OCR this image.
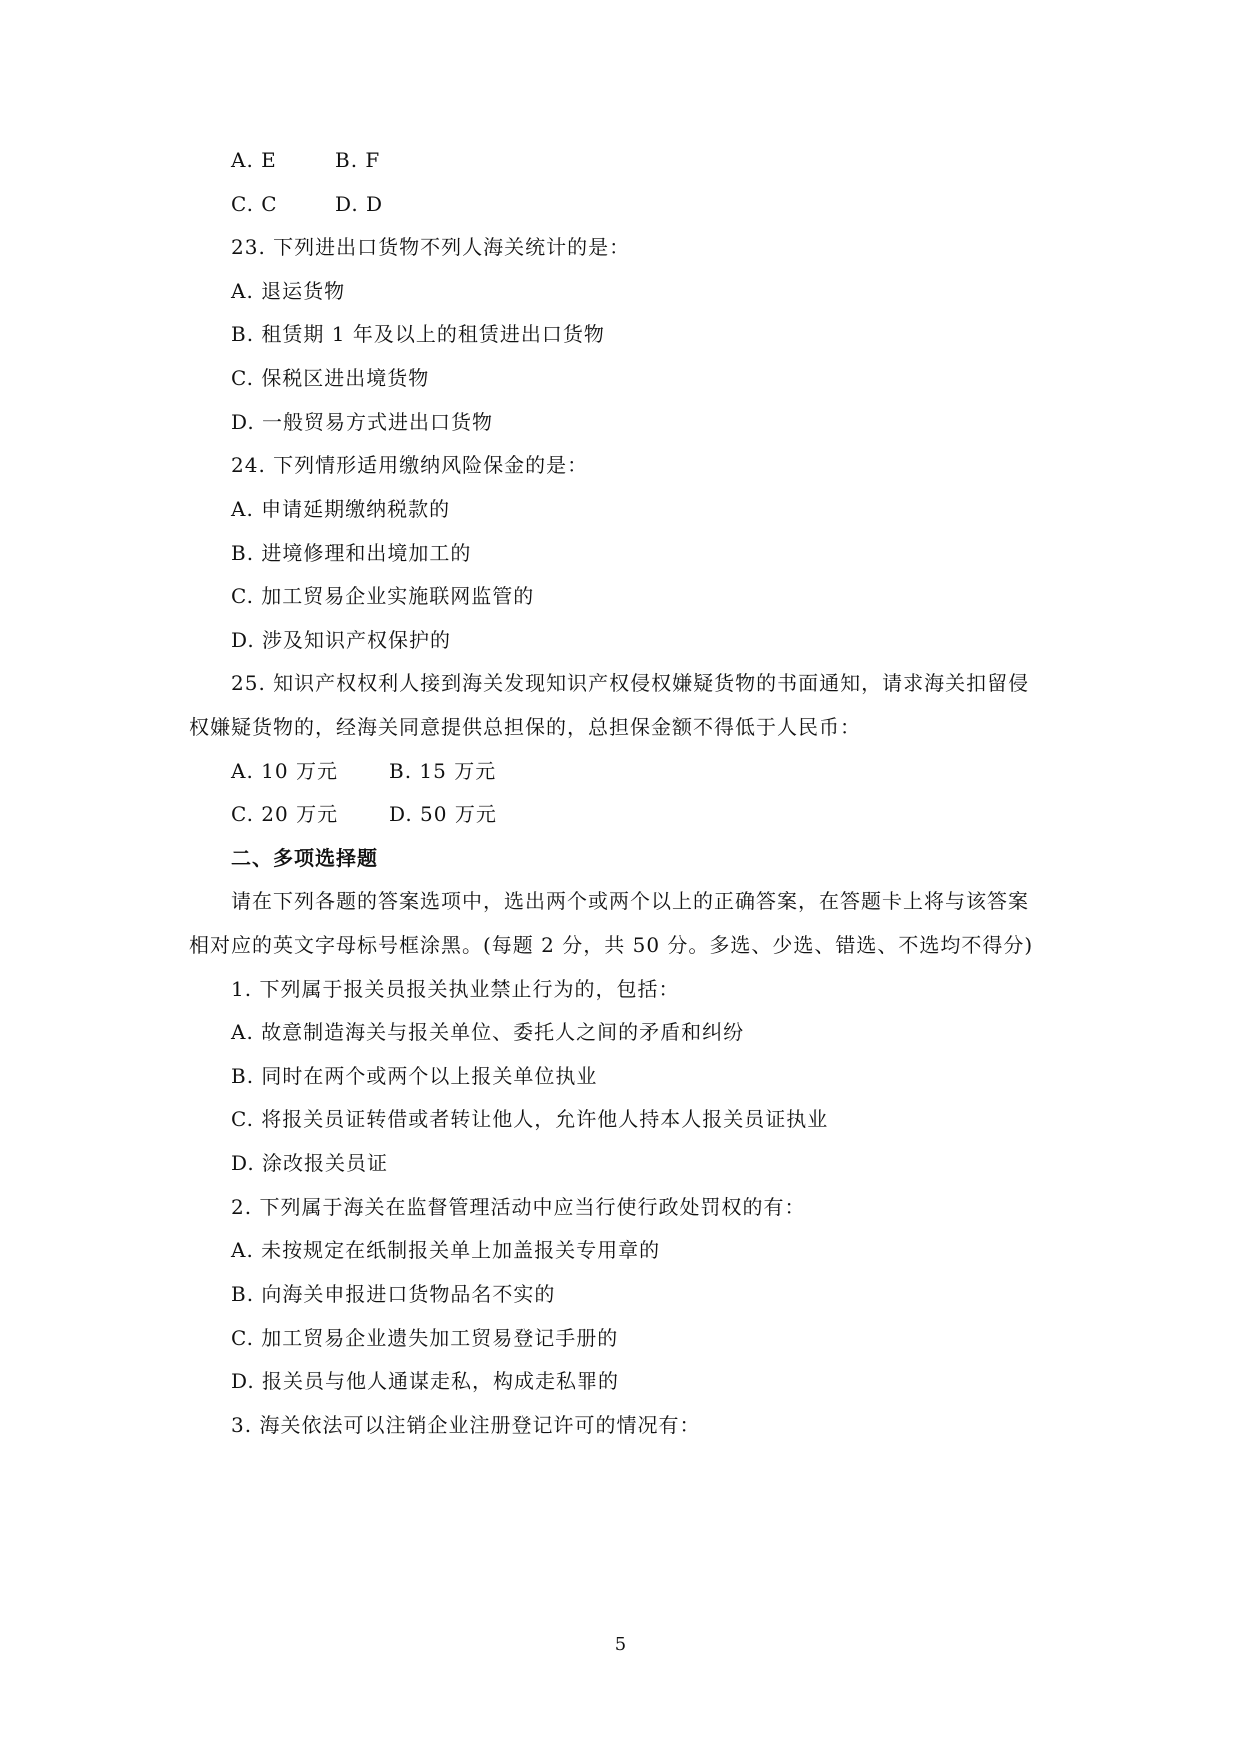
A. E	B. F
C. C	D. D
23. 下列进出口货物不列人海关统计的是：
A. 退运货物
B. 租赁期 1 年及以上的租赁进出口货物
C. 保税区进出境货物
D. 一般贸易方式进出口货物
24. 下列情形适用缴纳风险保金的是：
A. 申请延期缴纳税款的
B. 进境修理和出境加工的
C. 加工贸易企业实施联网监管的
D. 涉及知识产权保护的
25. 知识产权权利人接到海关发现知识产权侵权嫌疑货物的书面通知，请求海关扣留侵
权嫌疑货物的，经海关同意提供总担保的，总担保金额不得低于人民币：
A. 10 万元	B. 15 万元
C. 20 万元	D. 50 万元
二、多项选择题
请在下列各题的答案选项中，选出两个或两个以上的正确答案，在答题卡上将与该答案
相对应的英文字母标号框涂黑。(每题 2 分，共 50 分。多选、少选、错选、不选均不得分)
1. 下列属于报关员报关执业禁止行为的，包括：
A. 故意制造海关与报关单位、委托人之间的矛盾和纠纷
B. 同时在两个或两个以上报关单位执业
C. 将报关员证转借或者转让他人，允许他人持本人报关员证执业
D. 涂改报关员证
2. 下列属于海关在监督管理活动中应当行使行政处罚权的有：
A. 未按规定在纸制报关单上加盖报关专用章的
B. 向海关申报进口货物品名不实的
C. 加工贸易企业遗失加工贸易登记手册的
D. 报关员与他人通谋走私，构成走私罪的
3. 海关依法可以注销企业注册登记许可的情况有：
5
